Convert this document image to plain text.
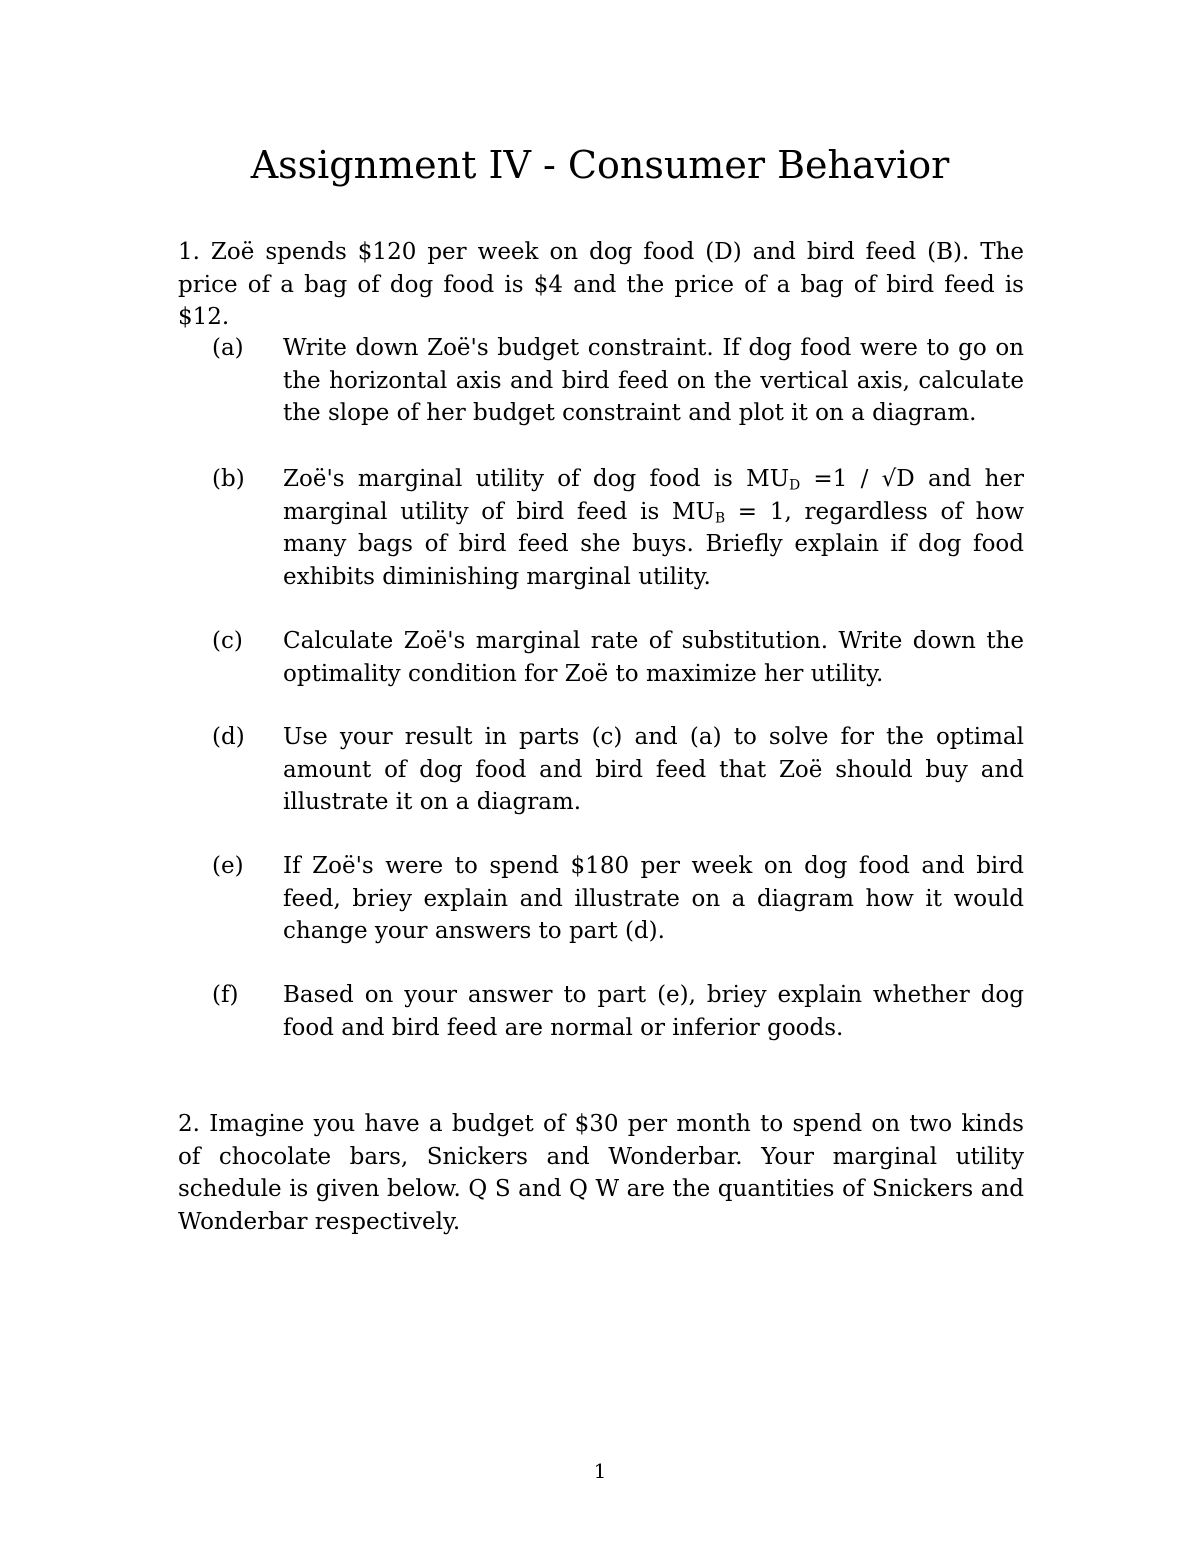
Assignment IV - Consumer Behavior
1. Zoë spends $120 per week on dog food (D) and bird feed (B). The price of a bag of dog food is $4 and the price of a bag of bird feed is $12.
(a) Write down Zoë's budget constraint. If dog food were to go on the horizontal axis and bird feed on the vertical axis, calculate the slope of her budget constraint and plot it on a diagram.
(b) Zoë's marginal utility of dog food is $MU_D =1 / √D$ and her marginal utility of bird feed is $MU_B = 1$, regardless of how many bags of bird feed she buys. Briefly explain if dog food exhibits diminishing marginal utility.
(c) Calculate Zoë's marginal rate of substitution. Write down the optimality condition for Zoë to maximize her utility.
(d) Use your result in parts (c) and (a) to solve for the optimal amount of dog food and bird feed that Zoë should buy and illustrate it on a diagram.
(e) If Zoë's were to spend $180 per week on dog food and bird feed, briey explain and illustrate on a diagram how it would change your answers to part (d).
(f) Based on your answer to part (e), briey explain whether dog food and bird feed are normal or inferior goods.
2. Imagine you have a budget of $30 per month to spend on two kinds of chocolate bars, Snickers and Wonderbar. Your marginal utility schedule is given below. Q S and Q W are the quantities of Snickers and Wonderbar respectively.
1
